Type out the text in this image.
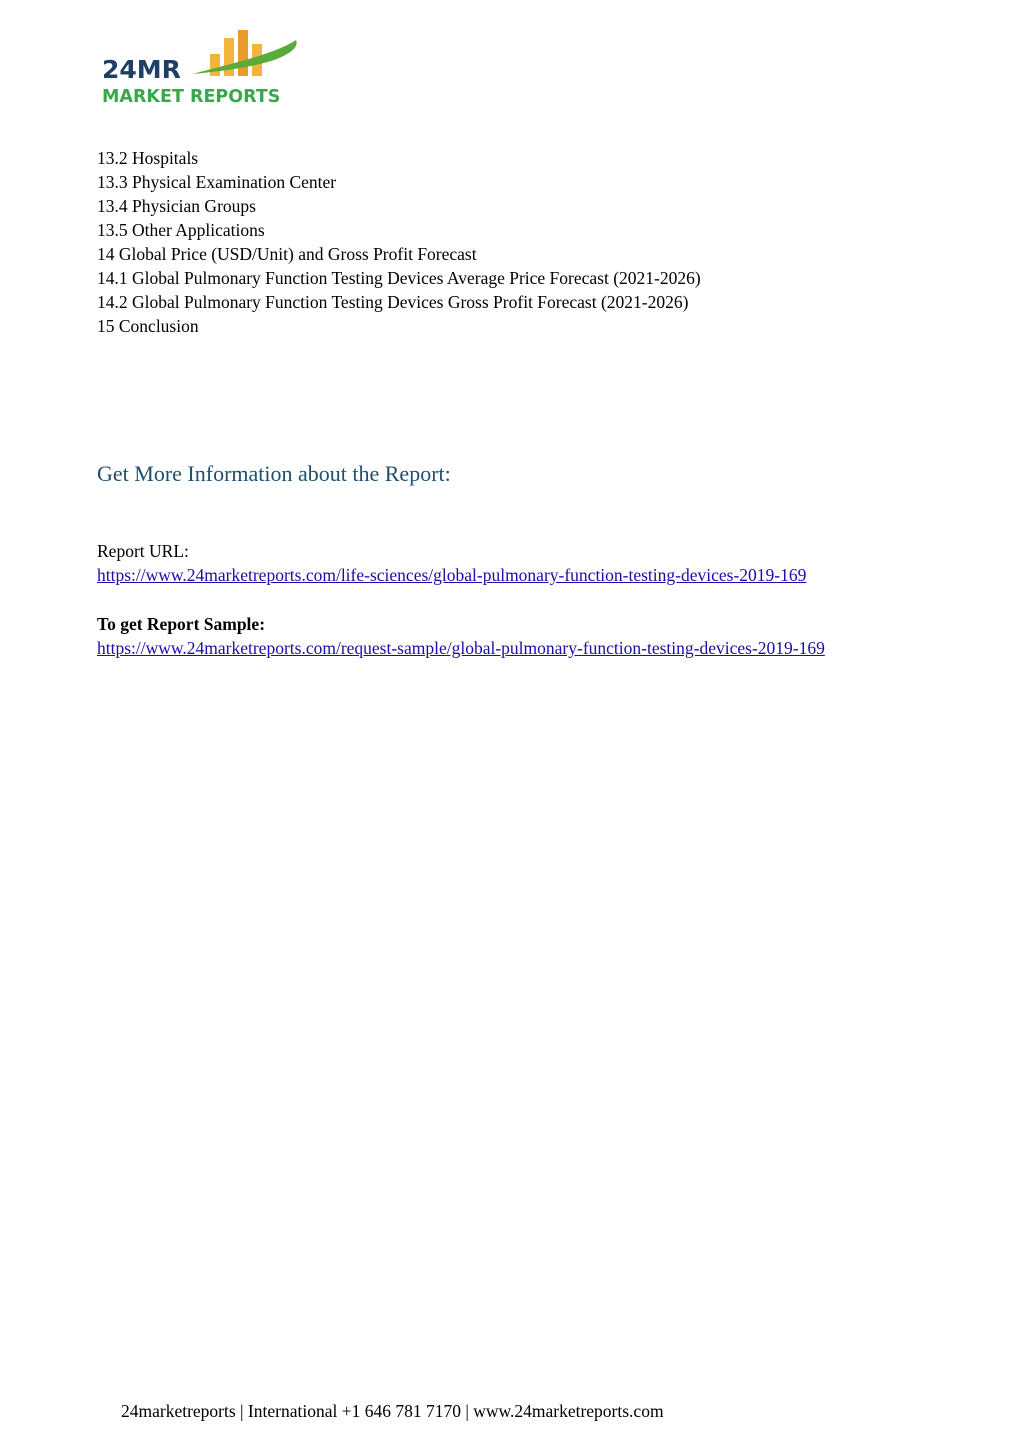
24MR
MARKET REPORTS
13.2 Hospitals
13.3 Physical Examination Center
13.4 Physician Groups
13.5 Other Applications
14 Global Price (USD/Unit) and Gross Profit Forecast
14.1 Global Pulmonary Function Testing Devices Average Price Forecast (2021-2026)
14.2 Global Pulmonary Function Testing Devices Gross Profit Forecast (2021-2026)
15 Conclusion
Get More Information about the Report:
Report URL:
https://www.24marketreports.com/life-sciences/global-pulmonary-function-testing-devices-2019-169
To get Report Sample:
https://www.24marketreports.com/request-sample/global-pulmonary-function-testing-devices-2019-169
24marketreports | International +1 646 781 7170 | www.24marketreports.com
